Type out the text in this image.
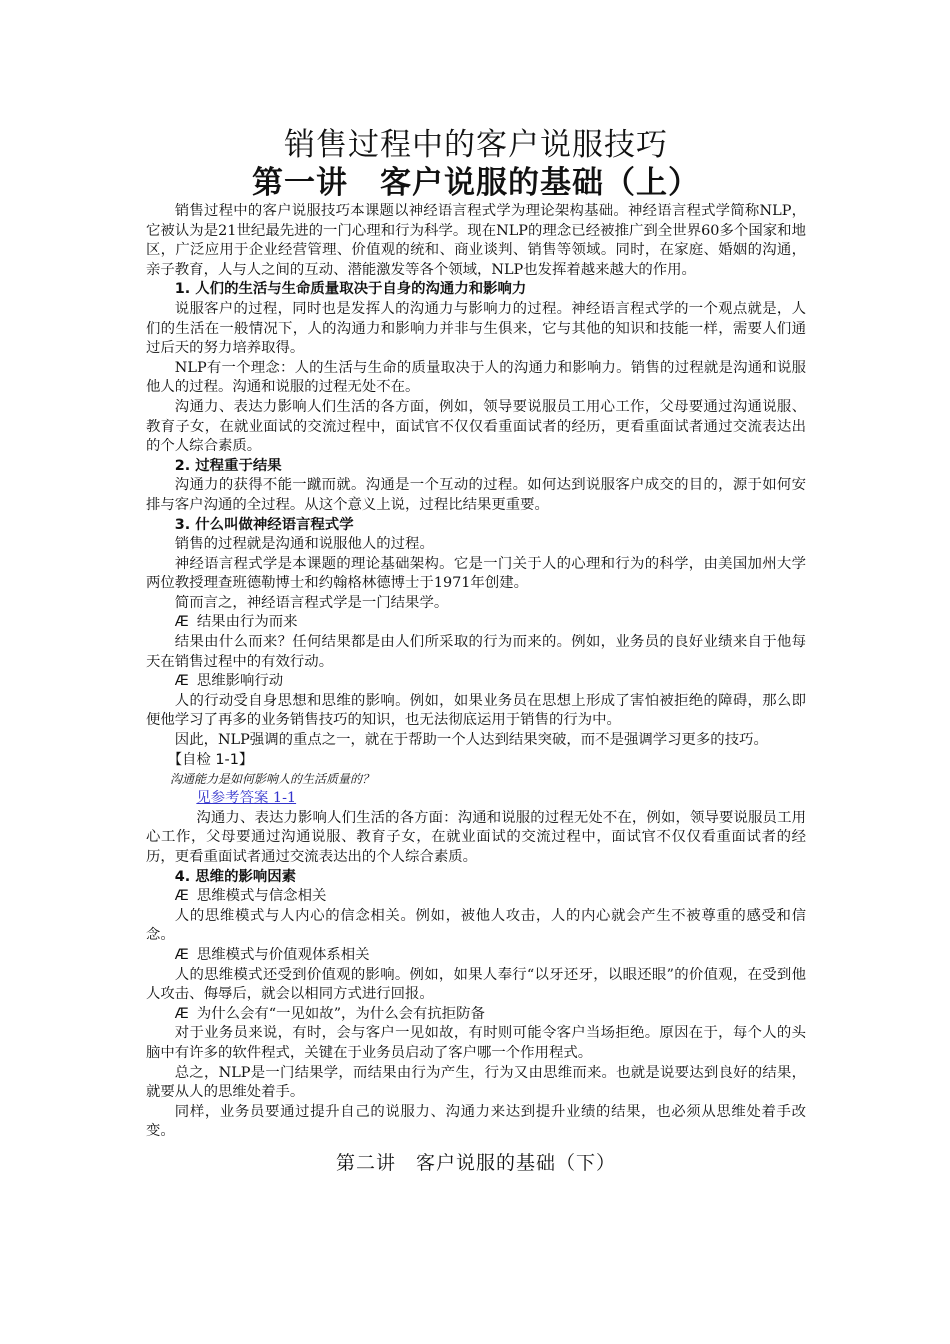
销售过程中的客户说服技巧
第一讲　客户说服的基础（上）

销售过程中的客户说服技巧本课题以神经语言程式学为理论架构基础。神经语言程式学简称NLP，它被认为是21世纪最先进的一门心理和行为科学。现在NLP的理念已经被推广到全世界60多个国家和地区，广泛应用于企业经营管理、价值观的统和、商业谈判、销售等领域。同时，在家庭、婚姻的沟通，亲子教育，人与人之间的互动、潜能激发等各个领域，NLP也发挥着越来越大的作用。

1. 人们的生活与生命质量取决于自身的沟通力和影响力

说服客户的过程，同时也是发挥人的沟通力与影响力的过程。神经语言程式学的一个观点就是，人们的生活在一般情况下，人的沟通力和影响力并非与生俱来，它与其他的知识和技能一样，需要人们通过后天的努力培养取得。

NLP有一个理念：人的生活与生命的质量取决于人的沟通力和影响力。销售的过程就是沟通和说服他人的过程。沟通和说服的过程无处不在。

沟通力、表达力影响人们生活的各方面，例如，领导要说服员工用心工作，父母要通过沟通说服、教育子女，在就业面试的交流过程中，面试官不仅仅看重面试者的经历，更看重面试者通过交流表达出的个人综合素质。

2. 过程重于结果

沟通力的获得不能一蹴而就。沟通是一个互动的过程。如何达到说服客户成交的目的，源于如何安排与客户沟通的全过程。从这个意义上说，过程比结果更重要。

3. 什么叫做神经语言程式学

销售的过程就是沟通和说服他人的过程。

神经语言程式学是本课题的理论基础架构。它是一门关于人的心理和行为的科学，由美国加州大学两位教授理查班德勒博士和约翰格林德博士于1971年创建。

简而言之，神经语言程式学是一门结果学。

Æ 结果由行为而来

结果由什么而来？任何结果都是由人们所采取的行为而来的。例如，业务员的良好业绩来自于他每天在销售过程中的有效行动。

Æ 思维影响行动

人的行动受自身思想和思维的影响。例如，如果业务员在思想上形成了害怕被拒绝的障碍，那么即便他学习了再多的业务销售技巧的知识，也无法彻底运用于销售的行为中。

因此，NLP强调的重点之一，就在于帮助一个人达到结果突破，而不是强调学习更多的技巧。

【自检 1-1】
沟通能力是如何影响人的生活质量的？
见参考答案 1-1

沟通力、表达力影响人们生活的各方面：沟通和说服的过程无处不在，例如，领导要说服员工用心工作，父母要通过沟通说服、教育子女，在就业面试的交流过程中，面试官不仅仅看重面试者的经历，更看重面试者通过交流表达出的个人综合素质。

4. 思维的影响因素
Æ 思维模式与信念相关

人的思维模式与人内心的信念相关。例如，被他人攻击，人的内心就会产生不被尊重的感受和信念。

Æ 思维模式与价值观体系相关

人的思维模式还受到价值观的影响。例如，如果人奉行“以牙还牙，以眼还眼”的价值观，在受到他人攻击、侮辱后，就会以相同方式进行回报。

Æ 为什么会有“一见如故”，为什么会有抗拒防备

对于业务员来说，有时，会与客户一见如故，有时则可能令客户当场拒绝。原因在于，每个人的头脑中有许多的软件程式，关键在于业务员启动了客户哪一个作用程式。

总之，NLP是一门结果学，而结果由行为产生，行为又由思维而来。也就是说要达到良好的结果，就要从人的思维处着手。

同样，业务员要通过提升自己的说服力、沟通力来达到提升业绩的结果，也必须从思维处着手改变。

第二讲　客户说服的基础（下）
